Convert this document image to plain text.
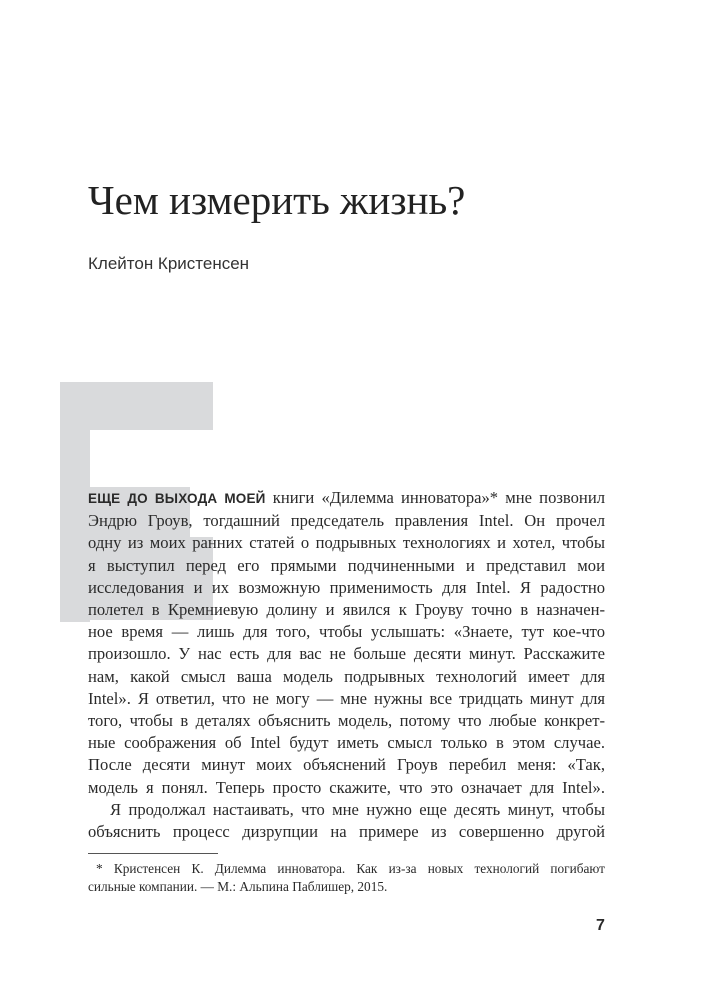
Чем измерить жизнь?
Клейтон Кристенсен
ЕЩЕ ДО ВЫХОДА МОЕЙ книги «Дилемма инноватора»* мне позвонил
Эндрю Гроув, тогдашний председатель правления Intel. Он прочел
одну из моих ранних статей о подрывных технологиях и хотел, чтобы
я выступил перед его прямыми подчиненными и представил мои
исследования и их возможную применимость для Intel. Я радостно
полетел в Кремниевую долину и явился к Гроуву точно в назначен-
ное время — лишь для того, чтобы услышать: «Знаете, тут кое-что
произошло. У нас есть для вас не больше десяти минут. Расскажите
нам, какой смысл ваша модель подрывных технологий имеет для
Intel». Я ответил, что не могу — мне нужны все тридцать минут для
того, чтобы в деталях объяснить модель, потому что любые конкрет-
ные соображения об Intel будут иметь смысл только в этом случае.
После десяти минут моих объяснений Гроув перебил меня: «Так,
модель я понял. Теперь просто скажите, что это означает для Intel».
Я продолжал настаивать, что мне нужно еще десять минут, чтобы
объяснить процесс дизрупции на примере из совершенно другой
* Кристенсен К. Дилемма инноватора. Как из-за новых технологий погибают
сильные компании. — М.: Альпина Паблишер, 2015.
7
